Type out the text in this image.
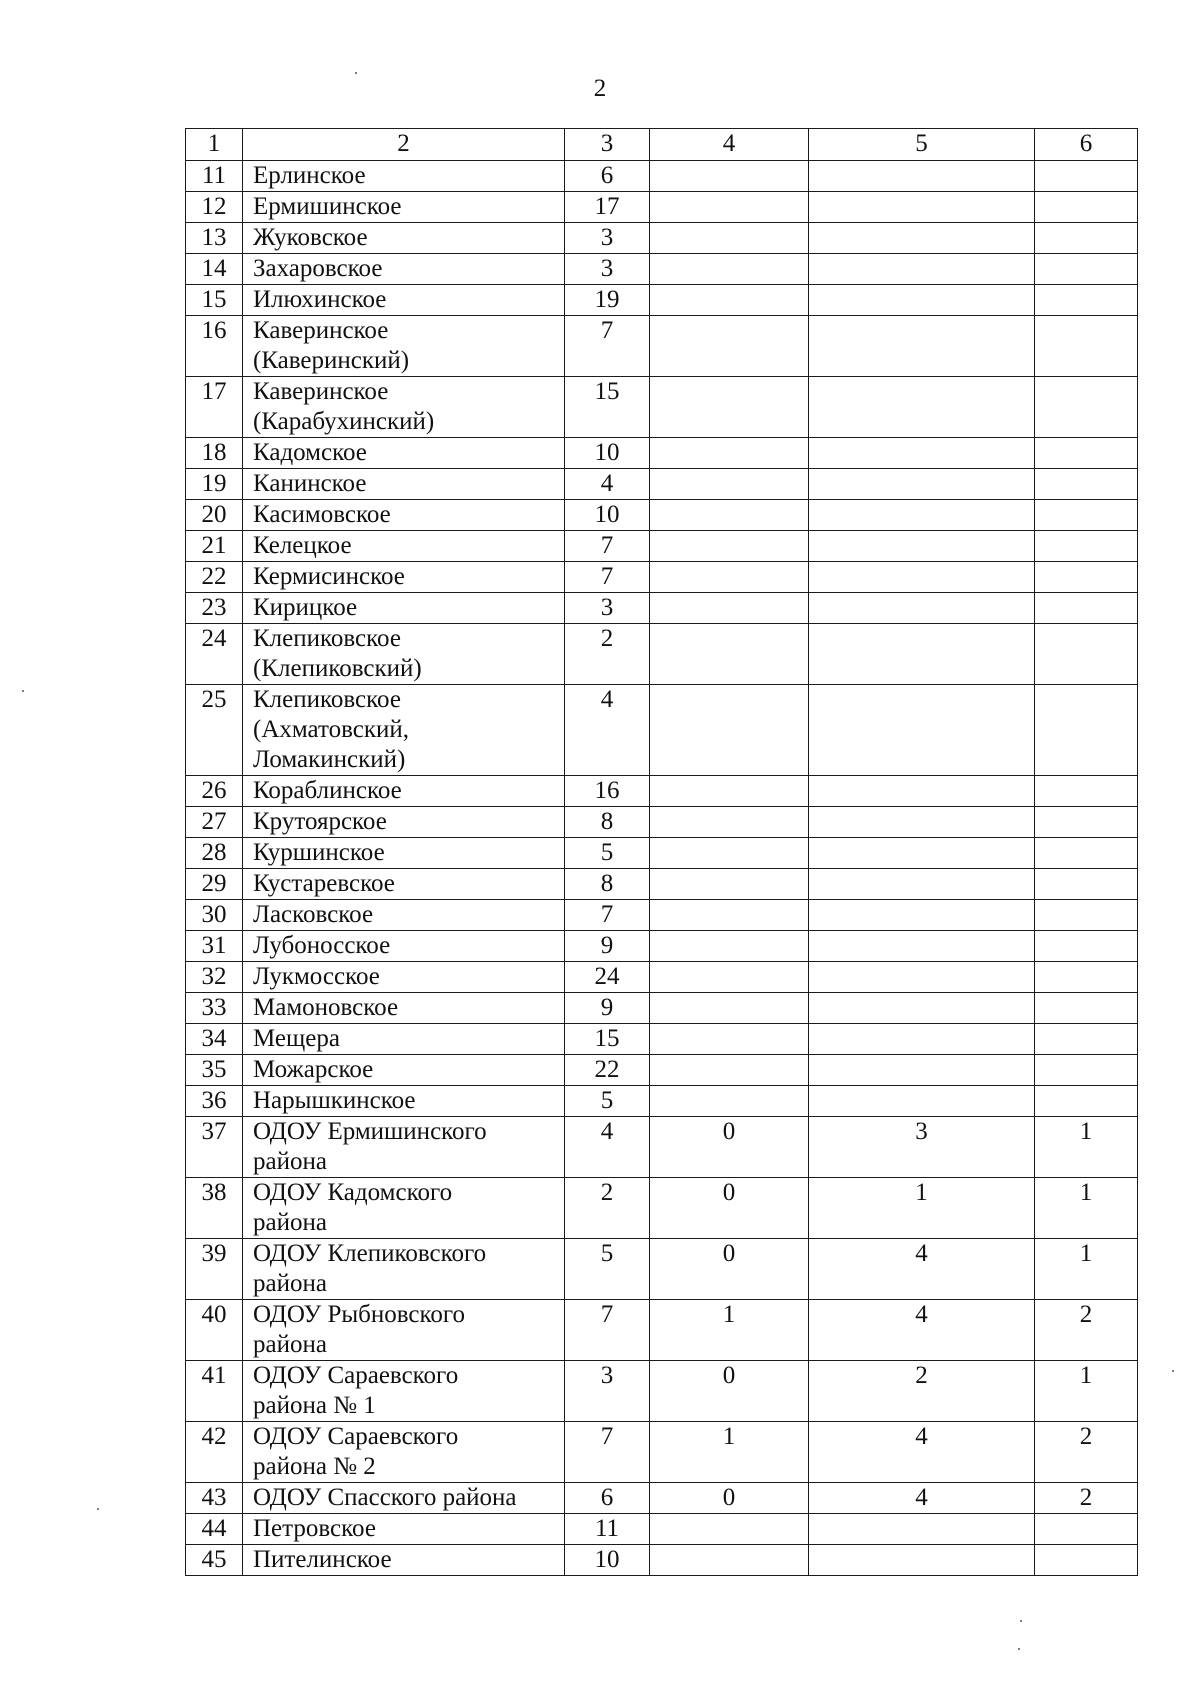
2
1	2	3	4	5	6
11	Ерлинское	6			
12	Ермишинское	17			
13	Жуковское	3			
14	Захаровское	3			
15	Илюхинское	19			
16	Каверинское
(Каверинский)	7			
17	Каверинское
(Карабухинский)	15			
18	Кадомское	10			
19	Канинское	4			
20	Касимовское	10			
21	Келецкое	7			
22	Кермисинское	7			
23	Кирицкое	3			
24	Клепиковское
(Клепиковский)	2			
25	Клепиковское
(Ахматовский,
Ломакинский)	4			
26	Кораблинское	16			
27	Крутоярское	8			
28	Куршинское	5			
29	Кустаревское	8			
30	Ласковское	7			
31	Лубоносское	9			
32	Лукмосское	24			
33	Мамоновское	9			
34	Мещера	15			
35	Можарское	22			
36	Нарышкинское	5			
37	ОДОУ Ермишинского
района	4	0	3	1
38	ОДОУ Кадомского
района	2	0	1	1
39	ОДОУ Клепиковского
района	5	0	4	1
40	ОДОУ Рыбновского
района	7	1	4	2
41	ОДОУ Сараевского
района № 1	3	0	2	1
42	ОДОУ Сараевского
района № 2	7	1	4	2
43	ОДОУ Спасского района	6	0	4	2
44	Петровское	11			
45	Пителинское	10			
